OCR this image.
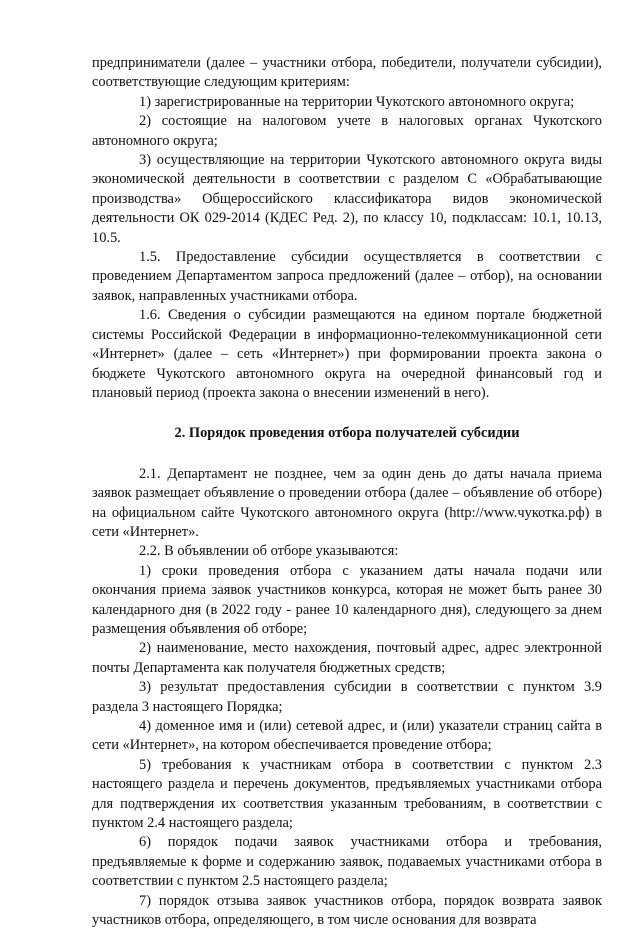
предприниматели (далее – участники отбора, победители, получатели субсидии), соответствующие следующим критериям:

1) зарегистрированные на территории Чукотского автономного округа;

2) состоящие на налоговом учете в налоговых органах Чукотского автономного округа;

3) осуществляющие на территории Чукотского автономного округа виды экономической деятельности в соответствии с разделом С «Обрабатывающие производства» Общероссийского классификатора видов экономической деятельности ОК 029-2014 (КДЕС Ред. 2), по классу 10, подклассам: 10.1, 10.13, 10.5.

1.5. Предоставление субсидии осуществляется в соответствии с проведением Департаментом запроса предложений (далее – отбор), на основании заявок, направленных участниками отбора.

1.6. Сведения о субсидии размещаются на едином портале бюджетной системы Российской Федерации в информационно-телекоммуникационной сети «Интернет» (далее – сеть «Интернет») при формировании проекта закона о бюджете Чукотского автономного округа на очередной финансовый год и плановый период (проекта закона о внесении изменений в него).

2. Порядок проведения отбора получателей субсидии

2.1. Департамент не позднее, чем за один день до даты начала приема заявок размещает объявление о проведении отбора (далее – объявление об отборе) на официальном сайте Чукотского автономного округа (http://www.чукотка.рф) в сети «Интернет».

2.2. В объявлении об отборе указываются:

1) сроки проведения отбора с указанием даты начала подачи или окончания приема заявок участников конкурса, которая не может быть ранее 30 календарного дня (в 2022 году - ранее 10 календарного дня), следующего за днем размещения объявления об отборе;

2) наименование, место нахождения, почтовый адрес, адрес электронной почты Департамента как получателя бюджетных средств;

3) результат предоставления субсидии в соответствии с пунктом 3.9 раздела 3 настоящего Порядка;

4) доменное имя и (или) сетевой адрес, и (или) указатели страниц сайта в сети «Интернет», на котором обеспечивается проведение отбора;

5) требования к участникам отбора в соответствии с пунктом 2.3 настоящего раздела и перечень документов, предъявляемых участниками отбора для подтверждения их соответствия указанным требованиям, в соответствии с пунктом 2.4 настоящего раздела;

6) порядок подачи заявок участниками отбора и требования, предъявляемые к форме и содержанию заявок, подаваемых участниками отбора в соответствии с пунктом 2.5 настоящего раздела;

7) порядок отзыва заявок участников отбора, порядок возврата заявок участников отбора, определяющего, в том числе основания для возврата
